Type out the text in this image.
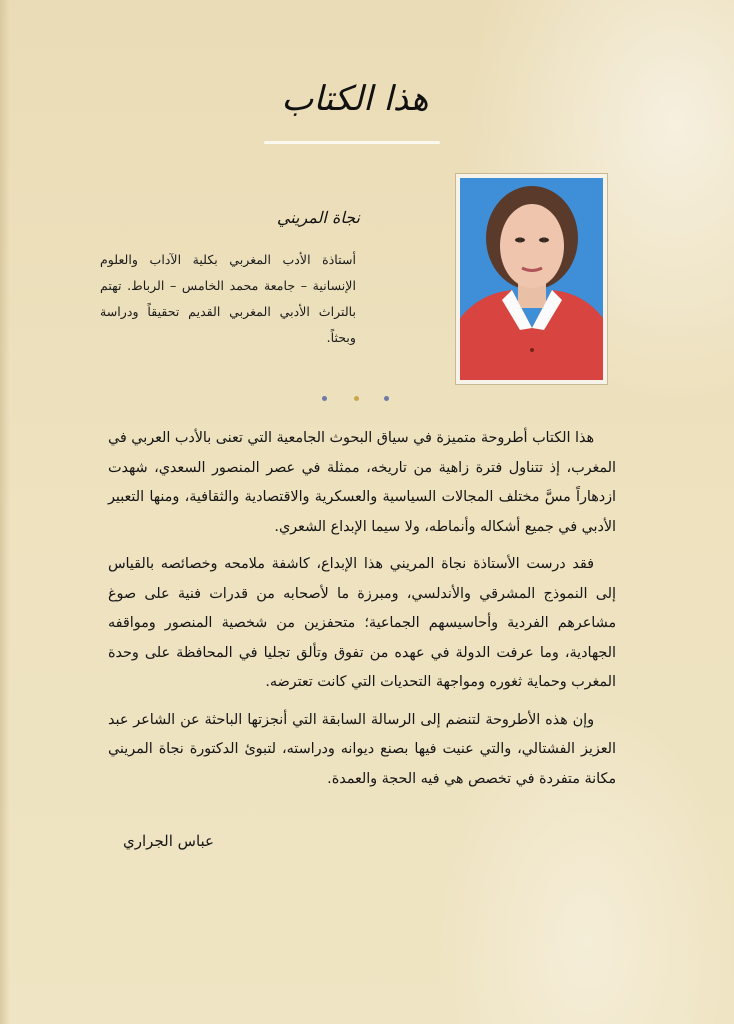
هذا الكتاب
نجاة المريني
أستاذة الأدب المغربي بكلية الآداب والعلوم الإنسانية – جامعة محمد الخامس – الرباط. تهتم بالتراث الأدبي المغربي القديم تحقيقاً ودراسة وبحثاً.

هذا الكتاب أطروحة متميزة في سياق البحوث الجامعية التي تعنى بالأدب العربي في المغرب، إذ تتناول فترة زاهية من تاريخه، ممثلة في عصر المنصور السعدي، شهدت ازدهاراً مسَّ مختلف المجالات السياسية والعسكرية والاقتصادية والثقافية، ومنها التعبير الأدبي في جميع أشكاله وأنماطه، ولا سيما الإبداع الشعري.

فقد درست الأستاذة نجاة المريني هذا الإبداع، كاشفة ملامحه وخصائصه بالقياس إلى النموذج المشرقي والأندلسي، ومبرزة ما لأصحابه من قدرات فنية على صوغ مشاعرهم الفردية وأحاسيسهم الجماعية؛ متحفزين من شخصية المنصور ومواقفه الجهادية، وما عرفت الدولة في عهده من تفوق وتألق تجليا في المحافظة على وحدة المغرب وحماية ثغوره ومواجهة التحديات التي كانت تعترضه.

وإن هذه الأطروحة لتنضم إلى الرسالة السابقة التي أنجزتها الباحثة عن الشاعر عبد العزيز الفشتالي، والتي عنيت فيها بصنع ديوانه ودراسته، لتبوئ الدكتورة نجاة المريني مكانة متفردة في تخصص هي فيه الحجة والعمدة.

عباس الجراري
